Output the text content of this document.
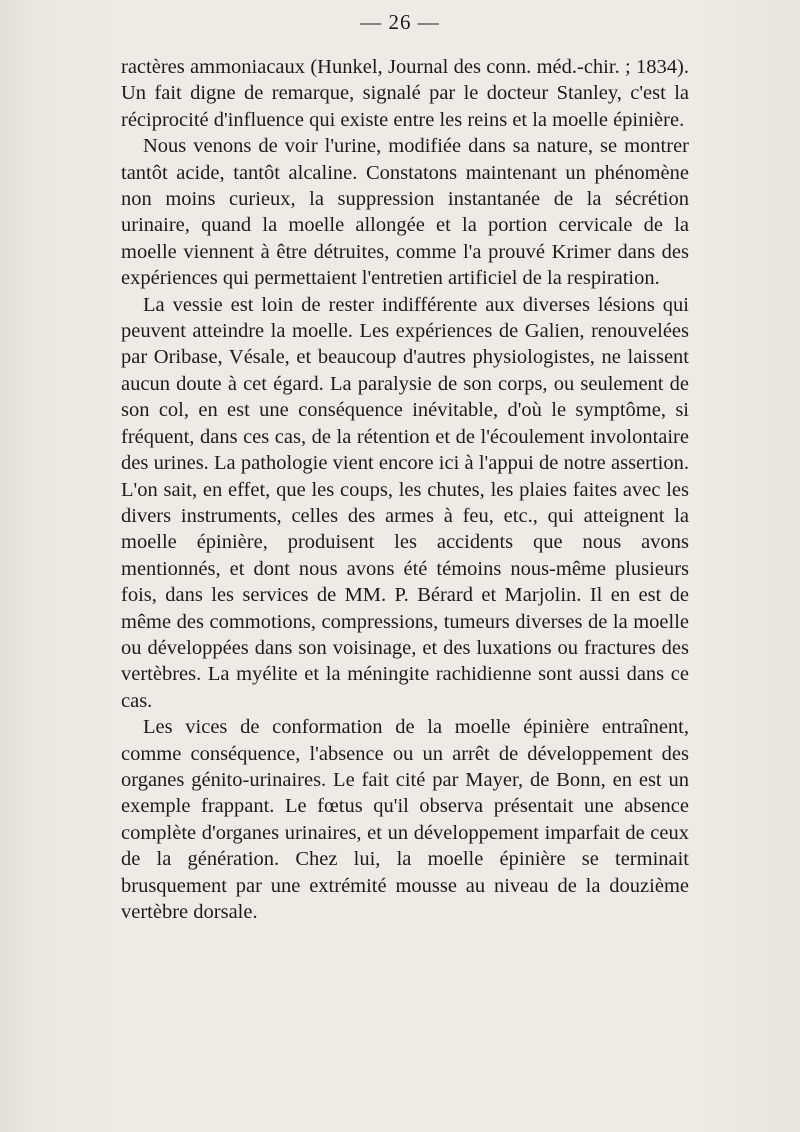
— 26 —

ractères ammoniacaux (Hunkel, Journal des conn. méd.-chir. ; 1834). Un fait digne de remarque, signalé par le docteur Stanley, c'est la réciprocité d'influence qui existe entre les reins et la moelle épinière.

Nous venons de voir l'urine, modifiée dans sa nature, se montrer tantôt acide, tantôt alcaline. Constatons maintenant un phénomène non moins curieux, la suppression instantanée de la sécrétion urinaire, quand la moelle allongée et la portion cervicale de la moelle viennent à être détruites, comme l'a prouvé Krimer dans des expériences qui permettaient l'entretien artificiel de la respiration.

La vessie est loin de rester indifférente aux diverses lésions qui peuvent atteindre la moelle. Les expériences de Galien, renouvelées par Oribase, Vésale, et beaucoup d'autres physiologistes, ne laissent aucun doute à cet égard. La paralysie de son corps, ou seulement de son col, en est une conséquence inévitable, d'où le symptôme, si fréquent, dans ces cas, de la rétention et de l'écoulement involontaire des urines. La pathologie vient encore ici à l'appui de notre assertion. L'on sait, en effet, que les coups, les chutes, les plaies faites avec les divers instruments, celles des armes à feu, etc., qui atteignent la moelle épinière, produisent les accidents que nous avons mentionnés, et dont nous avons été témoins nous-même plusieurs fois, dans les services de MM. P. Bérard et Marjolin. Il en est de même des commotions, compressions, tumeurs diverses de la moelle ou développées dans son voisinage, et des luxations ou fractures des vertèbres. La myélite et la méningite rachidienne sont aussi dans ce cas.

Les vices de conformation de la moelle épinière entraînent, comme conséquence, l'absence ou un arrêt de développement des organes génito-urinaires. Le fait cité par Mayer, de Bonn, en est un exemple frappant. Le fœtus qu'il observa présentait une absence complète d'organes urinaires, et un développement imparfait de ceux de la génération. Chez lui, la moelle épinière se terminait brusquement par une extrémité mousse au niveau de la douzième vertèbre dorsale.
